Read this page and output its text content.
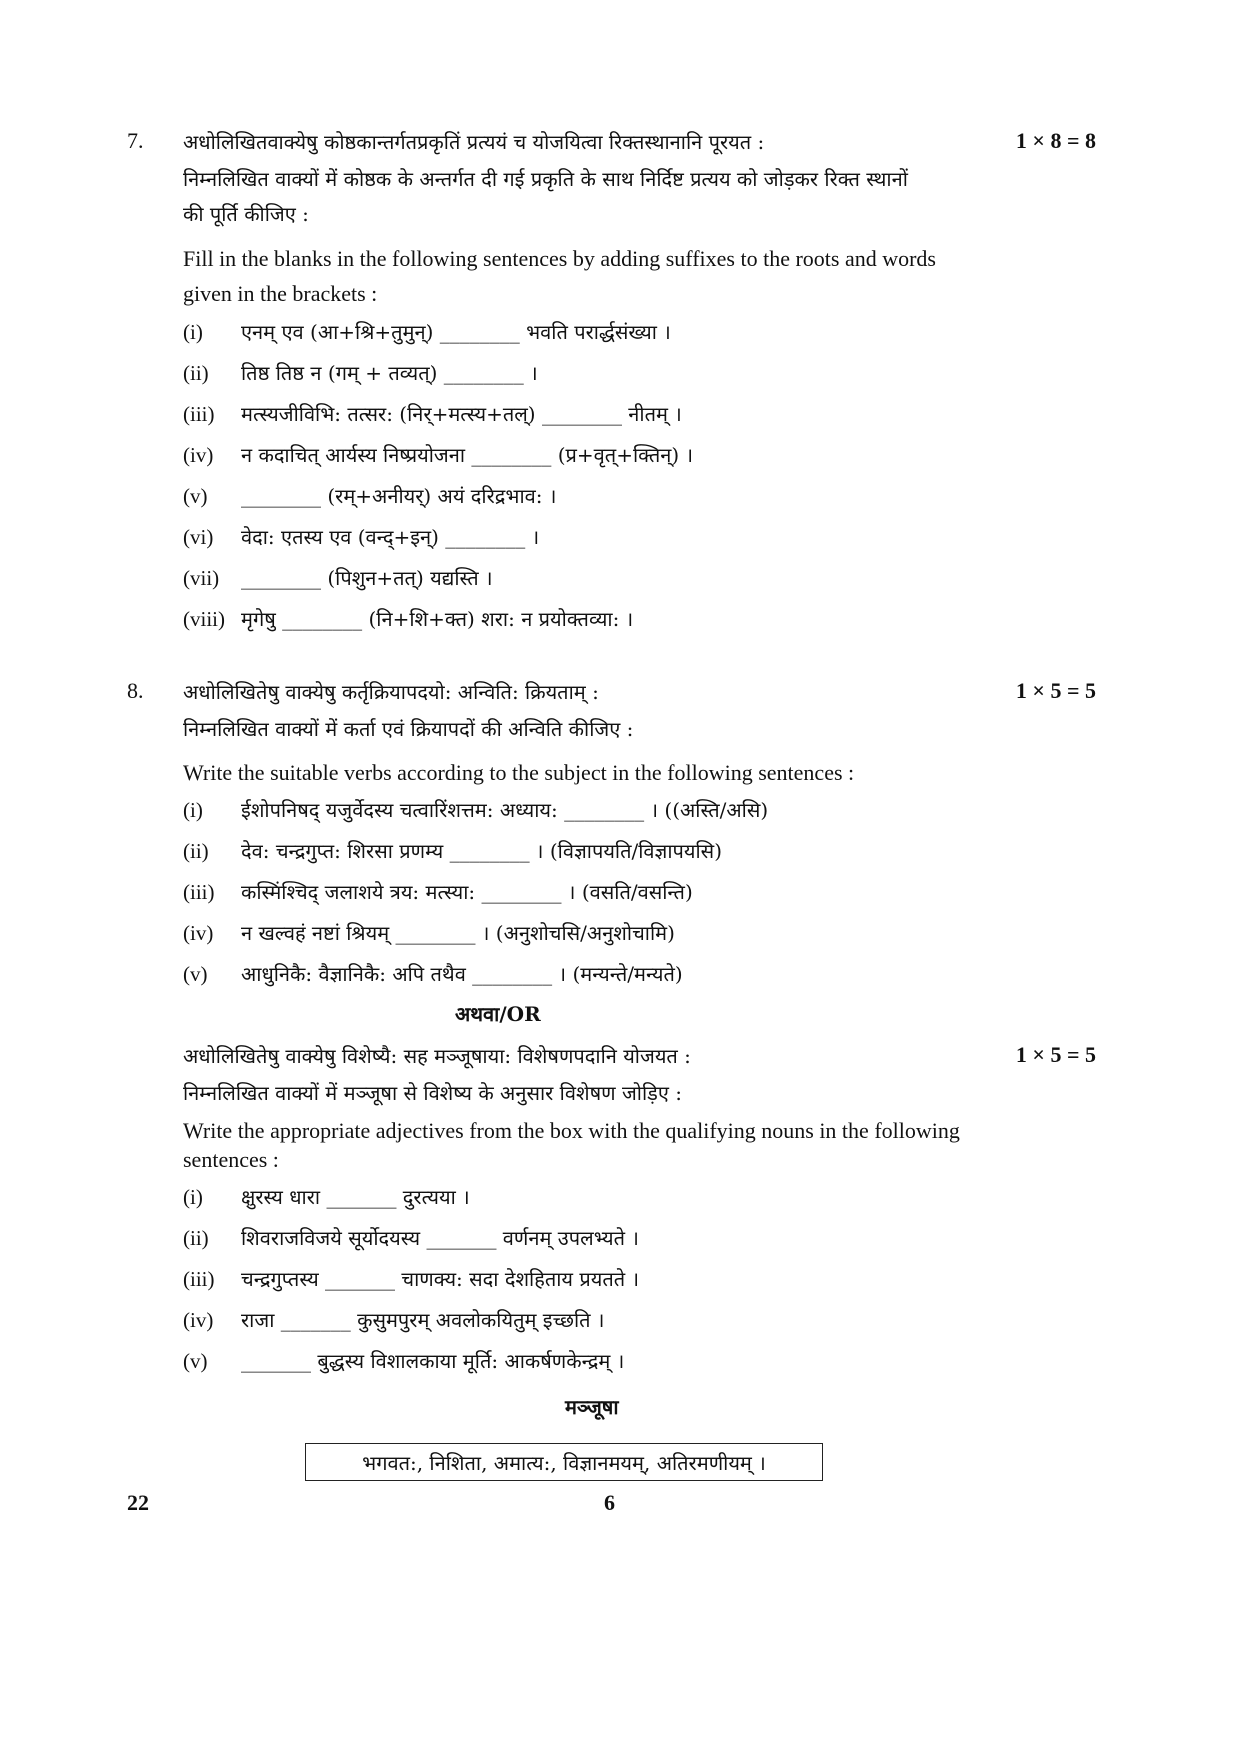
7. अधोलिखितवाक्येषु कोष्ठकान्तर्गतप्रकृतिं प्रत्ययं च योजयित्वा रिक्तस्थानानि पूरयत :	1 × 8 = 8
निम्नलिखित वाक्यों में कोष्ठक के अन्तर्गत दी गई प्रकृति के साथ निर्दिष्ट प्रत्यय को जोड़कर रिक्त स्थानों
की पूर्ति कीजिए :
Fill in the blanks in the following sentences by adding suffixes to the roots and words
given in the brackets :
(i)	एनम् एव (आ+श्रि+तुमुन्) ________ भवति परार्द्धसंख्या ।
(ii)	तिष्ठ तिष्ठ न (गम् + तव्यत्) ________ ।
(iii)	मत्स्यजीविभि: तत्सर: (निर्+मत्स्य+तल्) ________ नीतम् ।
(iv)	न कदाचित् आर्यस्य निष्प्रयोजना ________ (प्र+वृत्+क्तिन्) ।
(v)	________ (रम्+अनीयर्) अयं दरिद्रभाव: ।
(vi)	वेदा: एतस्य एव (वन्द्+इन्) ________ ।
(vii)	________ (पिशुन+तत्) यद्यस्ति ।
(viii) मृगेषु ________ (नि+शि+क्त) शरा: न प्रयोक्तव्या: ।
8. अधोलिखितेषु वाक्येषु कर्तृक्रियापदयो: अन्विति: क्रियताम् :	1 × 5 = 5
निम्नलिखित वाक्यों में कर्ता एवं क्रियापदों की अन्विति कीजिए :
Write the suitable verbs according to the subject in the following sentences :
(i)	ईशोपनिषद् यजुर्वेदस्य चत्वारिंशत्तम: अध्याय: ________ । ((अस्ति/असि)
(ii)	देव: चन्द्रगुप्त: शिरसा प्रणम्य ________ । (विज्ञापयति/विज्ञापयसि)
(iii)	कस्मिंश्चिद् जलाशये त्रय: मत्स्या: ________ । (वसति/वसन्ति)
(iv)	न खल्वहं नष्टां श्रियम् ________ । (अनुशोचसि/अनुशोचामि)
(v)	आधुनिकै: वैज्ञानिकै: अपि तथैव ________ । (मन्यन्ते/मन्यते)
अथवा/OR
अधोलिखितेषु वाक्येषु विशेष्यै: सह मञ्जूषाया: विशेषणपदानि योजयत :	1 × 5 = 5
निम्नलिखित वाक्यों में मञ्जूषा से विशेष्य के अनुसार विशेषण जोड़िए :
Write the appropriate adjectives from the box with the qualifying nouns in the following
sentences :
(i)	क्षुरस्य धारा _______ दुरत्यया ।
(ii)	शिवराजविजये सूर्योदयस्य _______ वर्णनम् उपलभ्यते ।
(iii)	चन्द्रगुप्तस्य _______ चाणक्य: सदा देशहिताय प्रयतते ।
(iv)	राजा _______ कुसुमपुरम् अवलोकयितुम् इच्छति ।
(v)	_______ बुद्धस्य विशालकाया मूर्ति: आकर्षणकेन्द्रम् ।
मञ्जूषा
भगवत:, निशिता, अमात्य:, विज्ञानमयम्, अतिरमणीयम् ।
22	6
